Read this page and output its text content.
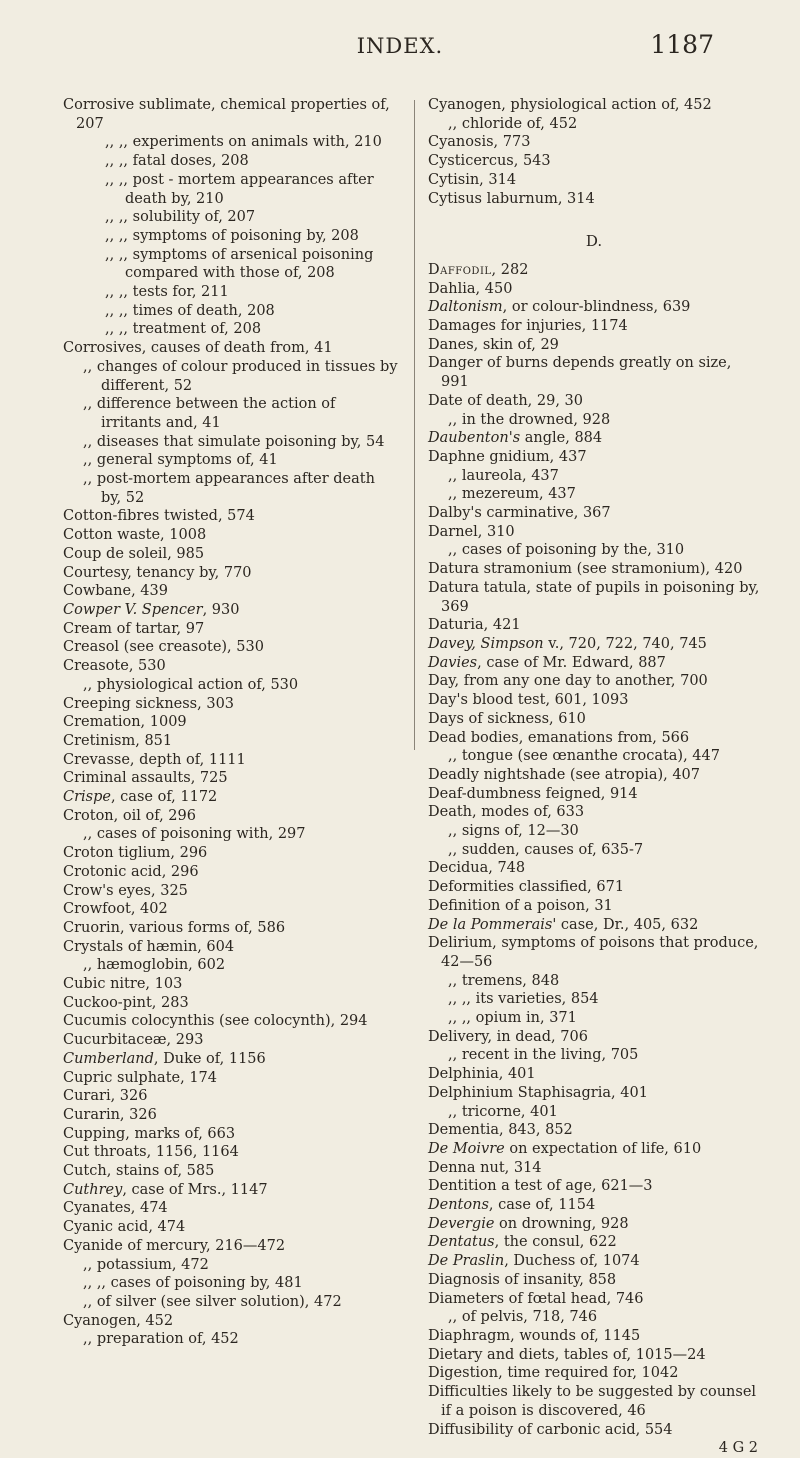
INDEX.	1187
Corrosive sublimate, chemical properties of, 207
,, ,, experiments on animals with, 210
,, ,, fatal doses, 208
,, ,, post - mortem appearances after death by, 210
,, ,, solubility of, 207
,, ,, symptoms of poisoning by, 208
,, ,, symptoms of arsenical poisoning compared with those of, 208
,, ,, tests for, 211
,, ,, times of death, 208
,, ,, treatment of, 208
Corrosives, causes of death from, 41
,, changes of colour produced in tissues by different, 52
,, difference between the action of irritants and, 41
,, diseases that simulate poisoning by, 54
,, general symptoms of, 41
,, post-mortem appearances after death by, 52
Cotton-fibres twisted, 574
Cotton waste, 1008
Coup de soleil, 985
Courtesy, tenancy by, 770
Cowbane, 439
Cowper V. Spencer, 930
Cream of tartar, 97
Creasol (see creasote), 530
Creasote, 530
,, physiological action of, 530
Creeping sickness, 303
Cremation, 1009
Cretinism, 851
Crevasse, depth of, 1111
Criminal assaults, 725
Crispe, case of, 1172
Croton, oil of, 296
,, cases of poisoning with, 297
Croton tiglium, 296
Crotonic acid, 296
Crow's eyes, 325
Crowfoot, 402
Cruorin, various forms of, 586
Crystals of hæmin, 604
,, hæmoglobin, 602
Cubic nitre, 103
Cuckoo-pint, 283
Cucumis colocynthis (see colocynth), 294
Cucurbitaceæ, 293
Cumberland, Duke of, 1156
Cupric sulphate, 174
Curari, 326
Curarin, 326
Cupping, marks of, 663
Cut throats, 1156, 1164
Cutch, stains of, 585
Cuthrey, case of Mrs., 1147
Cyanates, 474
Cyanic acid, 474
Cyanide of mercury, 216—472
,, potassium, 472
,, ,, cases of poisoning by, 481
,, of silver (see silver solution), 472
Cyanogen, 452
,, preparation of, 452
Cyanogen, physiological action of, 452
,, chloride of, 452
Cyanosis, 773
Cysticercus, 543
Cytisin, 314
Cytisus laburnum, 314
D.
Daffodil, 282
Dahlia, 450
Daltonism, or colour-blindness, 639
Damages for injuries, 1174
Danes, skin of, 29
Danger of burns depends greatly on size, 991
Date of death, 29, 30
,, in the drowned, 928
Daubenton's angle, 884
Daphne gnidium, 437
,, laureola, 437
,, mezereum, 437
Dalby's carminative, 367
Darnel, 310
,, cases of poisoning by the, 310
Datura stramonium (see stramonium), 420
Datura tatula, state of pupils in poisoning by, 369
Daturia, 421
Davey, Simpson v., 720, 722, 740, 745
Davies, case of Mr. Edward, 887
Day, from any one day to another, 700
Day's blood test, 601, 1093
Days of sickness, 610
Dead bodies, emanations from, 566
,, tongue (see œnanthe crocata), 447
Deadly nightshade (see atropia), 407
Deaf-dumbness feigned, 914
Death, modes of, 633
,, signs of, 12—30
,, sudden, causes of, 635-7
Decidua, 748
Deformities classified, 671
Definition of a poison, 31
De la Pommerais' case, Dr., 405, 632
Delirium, symptoms of poisons that produce, 42—56
,, tremens, 848
,, ,, its varieties, 854
,, ,, opium in, 371
Delivery, in dead, 706
,, recent in the living, 705
Delphinia, 401
Delphinium Staphisagria, 401
,, tricorne, 401
Dementia, 843, 852
De Moivre on expectation of life, 610
Denna nut, 314
Dentition a test of age, 621—3
Dentons, case of, 1154
Devergie on drowning, 928
Dentatus, the consul, 622
De Praslin, Duchess of, 1074
Diagnosis of insanity, 858
Diameters of fœtal head, 746
,, of pelvis, 718, 746
Diaphragm, wounds of, 1145
Dietary and diets, tables of, 1015—24
Digestion, time required for, 1042
Difficulties likely to be suggested by counsel if a poison is discovered, 46
Diffusibility of carbonic acid, 554
4 G 2
